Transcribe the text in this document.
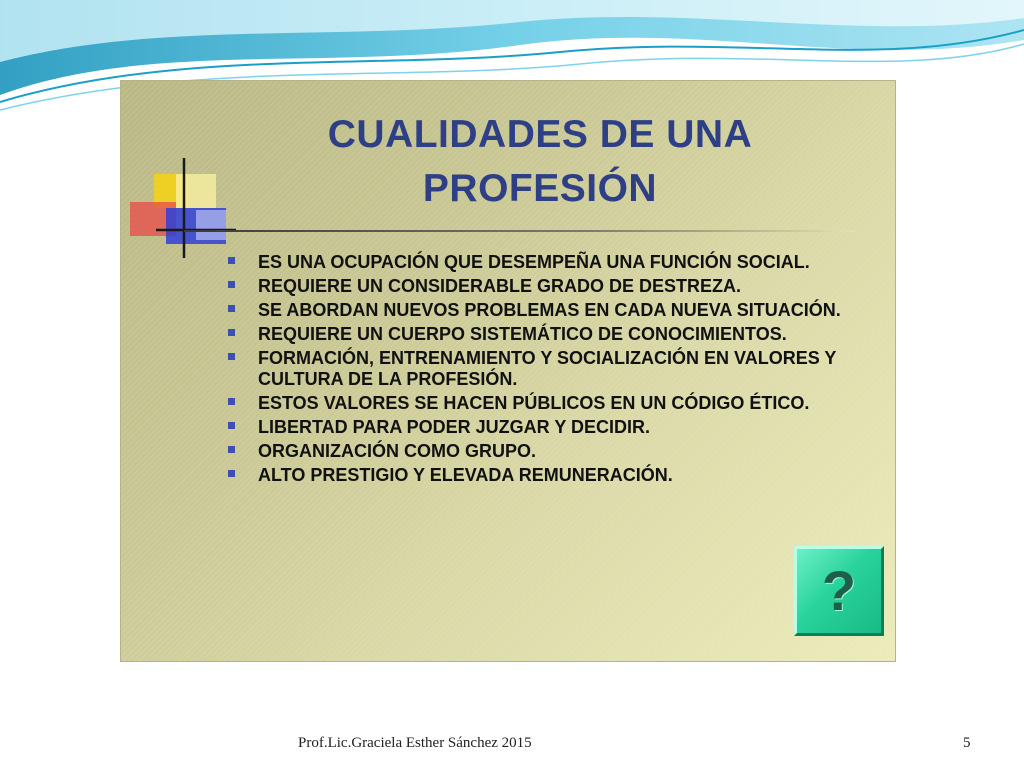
CUALIDADES DE UNA PROFESIÓN
ES UNA OCUPACIÓN QUE DESEMPEÑA UNA FUNCIÓN SOCIAL.
REQUIERE UN CONSIDERABLE GRADO DE DESTREZA.
SE ABORDAN NUEVOS PROBLEMAS EN CADA NUEVA SITUACIÓN.
REQUIERE UN CUERPO SISTEMÁTICO DE CONOCIMIENTOS.
FORMACIÓN, ENTRENAMIENTO Y SOCIALIZACIÓN EN VALORES Y CULTURA DE LA PROFESIÓN.
ESTOS VALORES SE HACEN PÚBLICOS EN UN CÓDIGO ÉTICO.
LIBERTAD PARA PODER JUZGAR Y DECIDIR.
ORGANIZACIÓN COMO GRUPO.
ALTO PRESTIGIO Y ELEVADA REMUNERACIÓN.
?
Prof.Lic.Graciela Esther Sánchez 2015	5
